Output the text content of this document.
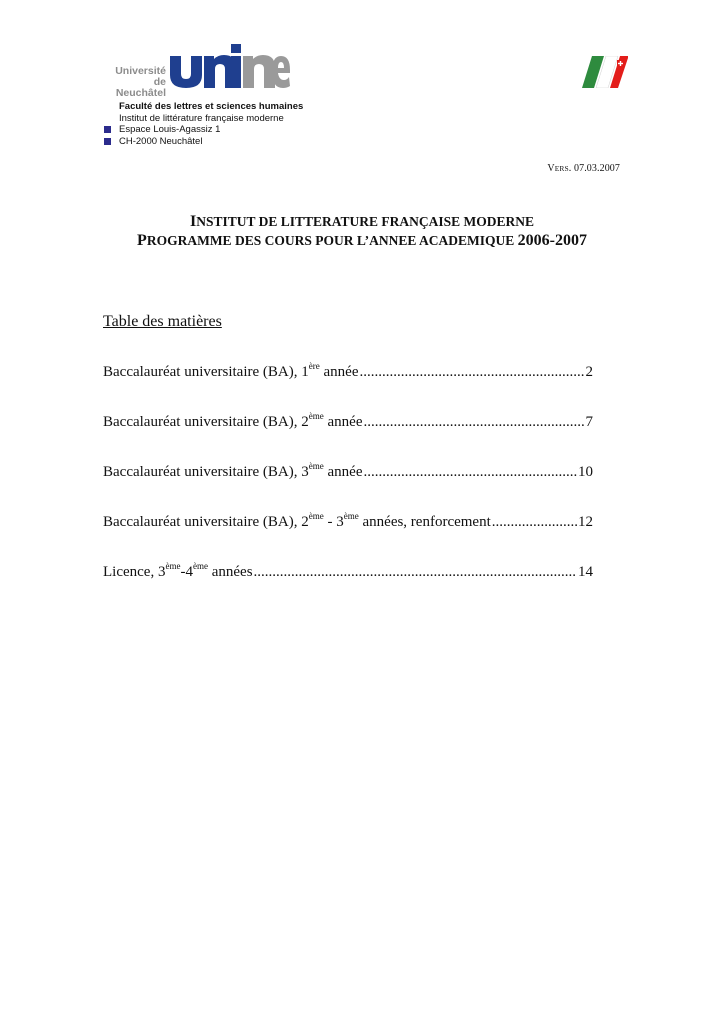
Université
de Neuchâtel
Faculté des lettres et sciences humaines
Institut de littérature française moderne
Espace Louis-Agassiz 1
CH-2000 Neuchâtel
VERS. 07.03.2007
INSTITUT DE LITTERATURE FRANÇAISE MODERNE
PROGRAMME DES COURS POUR L’ANNEE ACADEMIQUE 2006-2007
Table des matières
Baccalauréat universitaire (BA), 1ère année .....	2
Baccalauréat universitaire (BA), 2ème année .....	7
Baccalauréat universitaire (BA), 3ème année .....	10
Baccalauréat universitaire (BA), 2ème - 3ème années, renforcement .....	12
Licence, 3ème-4ème années .....	14
